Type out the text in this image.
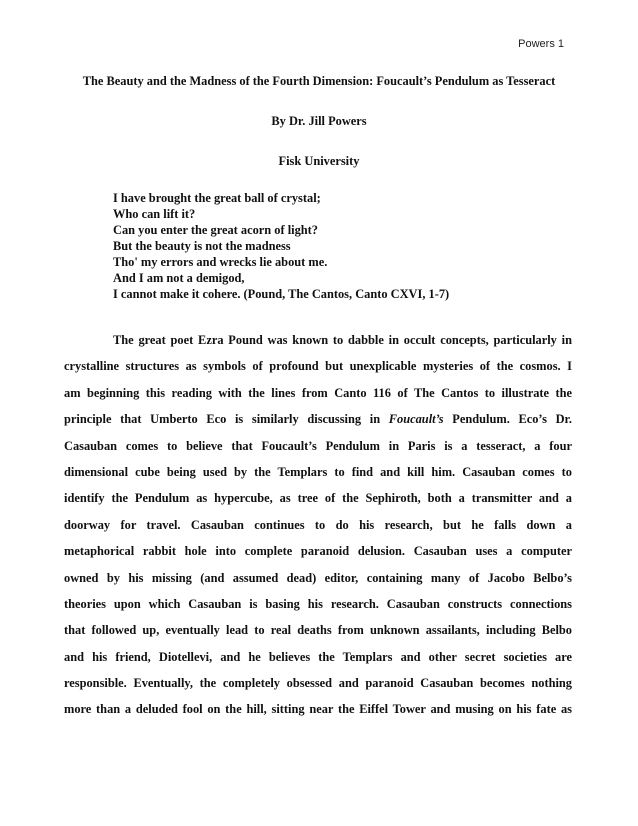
Powers 1
The Beauty and the Madness of the Fourth Dimension: Foucault’s Pendulum as Tesseract
By Dr. Jill Powers
Fisk University
I have brought the great ball of crystal;
Who can lift it?
Can you enter the great acorn of light?
But the beauty is not the madness
Tho' my errors and wrecks lie about me.
And I am not a demigod,
I cannot make it cohere. (Pound, The Cantos, Canto CXVI, 1-7)
The great poet Ezra Pound was known to dabble in occult concepts, particularly in
crystalline structures as symbols of profound but unexplicable mysteries of the cosmos. I
am beginning this reading with the lines from Canto 116 of The Cantos to illustrate the
principle that Umberto Eco is similarly discussing in Foucault’s Pendulum. Eco’s Dr.
Casauban comes to believe that Foucault’s Pendulum in Paris is a tesseract, a four
dimensional cube being used by the Templars to find and kill him. Casauban comes to
identify the Pendulum as hypercube, as tree of the Sephiroth, both a transmitter and a
doorway for travel. Casauban continues to do his research, but he falls down a
metaphorical rabbit hole into complete paranoid delusion. Casauban uses a computer
owned by his missing (and assumed dead) editor, containing many of Jacobo Belbo’s
theories upon which Casauban is basing his research. Casauban constructs connections
that followed up, eventually lead to real deaths from unknown assailants, including Belbo
and his friend, Diotellevi, and he believes the Templars and other secret societies are
responsible. Eventually, the completely obsessed and paranoid Casauban becomes nothing
more than a deluded fool on the hill, sitting near the Eiffel Tower and musing on his fate as
